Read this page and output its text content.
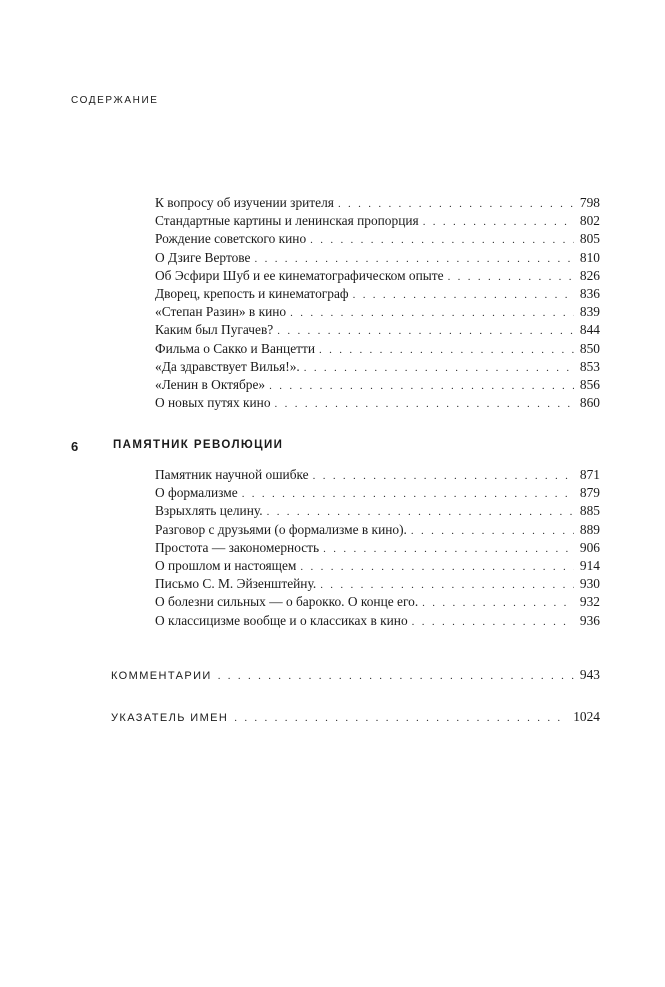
СОДЕРЖАНИЕ
К вопросу об изучении зрителя . . .	798
Стандартные картины и ленинская пропорция . . .	802
Рождение советского кино . . .	805
О Дзиге Вертове . . .	810
Об Эсфири Шуб и ее кинематографическом опыте . . .	826
Дворец, крепость и кинематограф . . .	836
«Степан Разин» в кино . . .	839
Каким был Пугачев? . . .	844
Фильма о Сакко и Ванцетти . . .	850
«Да здравствует Вилья!». . . .	853
«Ленин в Октябре» . . .	856
О новых путях кино . . .	860
6	ПАМЯТНИК РЕВОЛЮЦИИ
Памятник научной ошибке . . .	871
О формализме . . .	879
Взрыхлять целину. . . .	885
Разговор с друзьями (о формализме в кино). . . .	889
Простота — закономерность . . .	906
О прошлом и настоящем . . .	914
Письмо С. М. Эйзенштейну. . . .	930
О болезни сильных — о барокко. О конце его. . . .	932
О классицизме вообще и о классиках в кино . . .	936
КОММЕНТАРИИ . . .	943
УКАЗАТЕЛЬ ИМЕН . . .	1024
